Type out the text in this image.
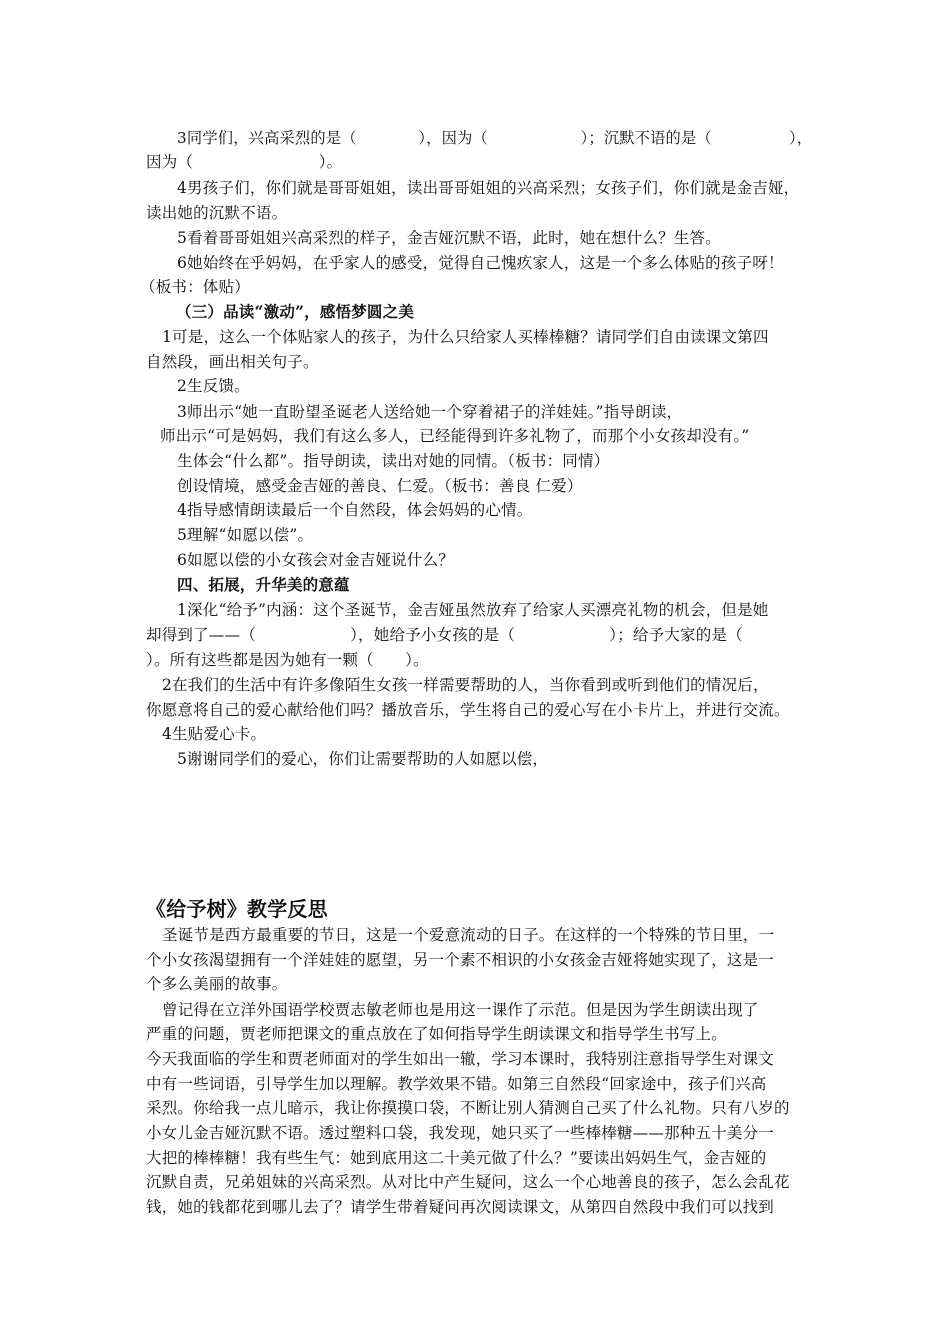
3同学们，兴高采烈的是（　　　　），因为（　　　　　　）；沉默不语的是（　　　　　），
因为（　　　　　　　　）。
4男孩子们，你们就是哥哥姐姐，读出哥哥姐姐的兴高采烈；女孩子们，你们就是金吉娅，
读出她的沉默不语。
5看着哥哥姐姐兴高采烈的样子，金吉娅沉默不语，此时，她在想什么？生答。
6她始终在乎妈妈，在乎家人的感受，觉得自己愧疚家人，这是一个多么体贴的孩子呀！
（板书：体贴）
（三）品读“激动”，感悟梦圆之美
1可是，这么一个体贴家人的孩子，为什么只给家人买棒棒糖？请同学们自由读课文第四
自然段，画出相关句子。
2生反馈。
3师出示“她一直盼望圣诞老人送给她一个穿着裙子的洋娃娃。”指导朗读，
师出示“可是妈妈，我们有这么多人，已经能得到许多礼物了，而那个小女孩却没有。”
生体会“什么都”。指导朗读，读出对她的同情。（板书：同情）
创设情境，感受金吉娅的善良、仁爱。（板书：善良 仁爱）
4指导感情朗读最后一个自然段，体会妈妈的心情。
5理解“如愿以偿”。
6如愿以偿的小女孩会对金吉娅说什么？
四、拓展，升华美的意蕴
1深化“给予”内涵：这个圣诞节，金吉娅虽然放弃了给家人买漂亮礼物的机会，但是她
却得到了——（　　　　　　），她给予小女孩的是（　　　　　　）；给予大家的是（
）。所有这些都是因为她有一颗（　　）。
2在我们的生活中有许多像陌生女孩一样需要帮助的人，当你看到或听到他们的情况后，
你愿意将自己的爱心献给他们吗？播放音乐，学生将自己的爱心写在小卡片上，并进行交流。
4生贴爱心卡。
5谢谢同学们的爱心，你们让需要帮助的人如愿以偿，
《给予树》教学反思
圣诞节是西方最重要的节日，这是一个爱意流动的日子。在这样的一个特殊的节日里，一
个小女孩渴望拥有一个洋娃娃的愿望，另一个素不相识的小女孩金吉娅将她实现了，这是一
个多么美丽的故事。
曾记得在立洋外国语学校贾志敏老师也是用这一课作了示范。但是因为学生朗读出现了
严重的问题，贾老师把课文的重点放在了如何指导学生朗读课文和指导学生书写上。
今天我面临的学生和贾老师面对的学生如出一辙，学习本课时，我特别注意指导学生对课文
中有一些词语，引导学生加以理解。教学效果不错。如第三自然段“回家途中，孩子们兴高
采烈。你给我一点儿暗示，我让你摸摸口袋，不断让别人猜测自己买了什么礼物。只有八岁的
小女儿金吉娅沉默不语。透过塑料口袋，我发现，她只买了一些棒棒糖——那种五十美分一
大把的棒棒糖！我有些生气：她到底用这二十美元做了什么？”要读出妈妈生气，金吉娅的
沉默自责，兄弟姐妹的兴高采烈。从对比中产生疑问，这么一个心地善良的孩子，怎么会乱花
钱，她的钱都花到哪儿去了？请学生带着疑问再次阅读课文，从第四自然段中我们可以找到
